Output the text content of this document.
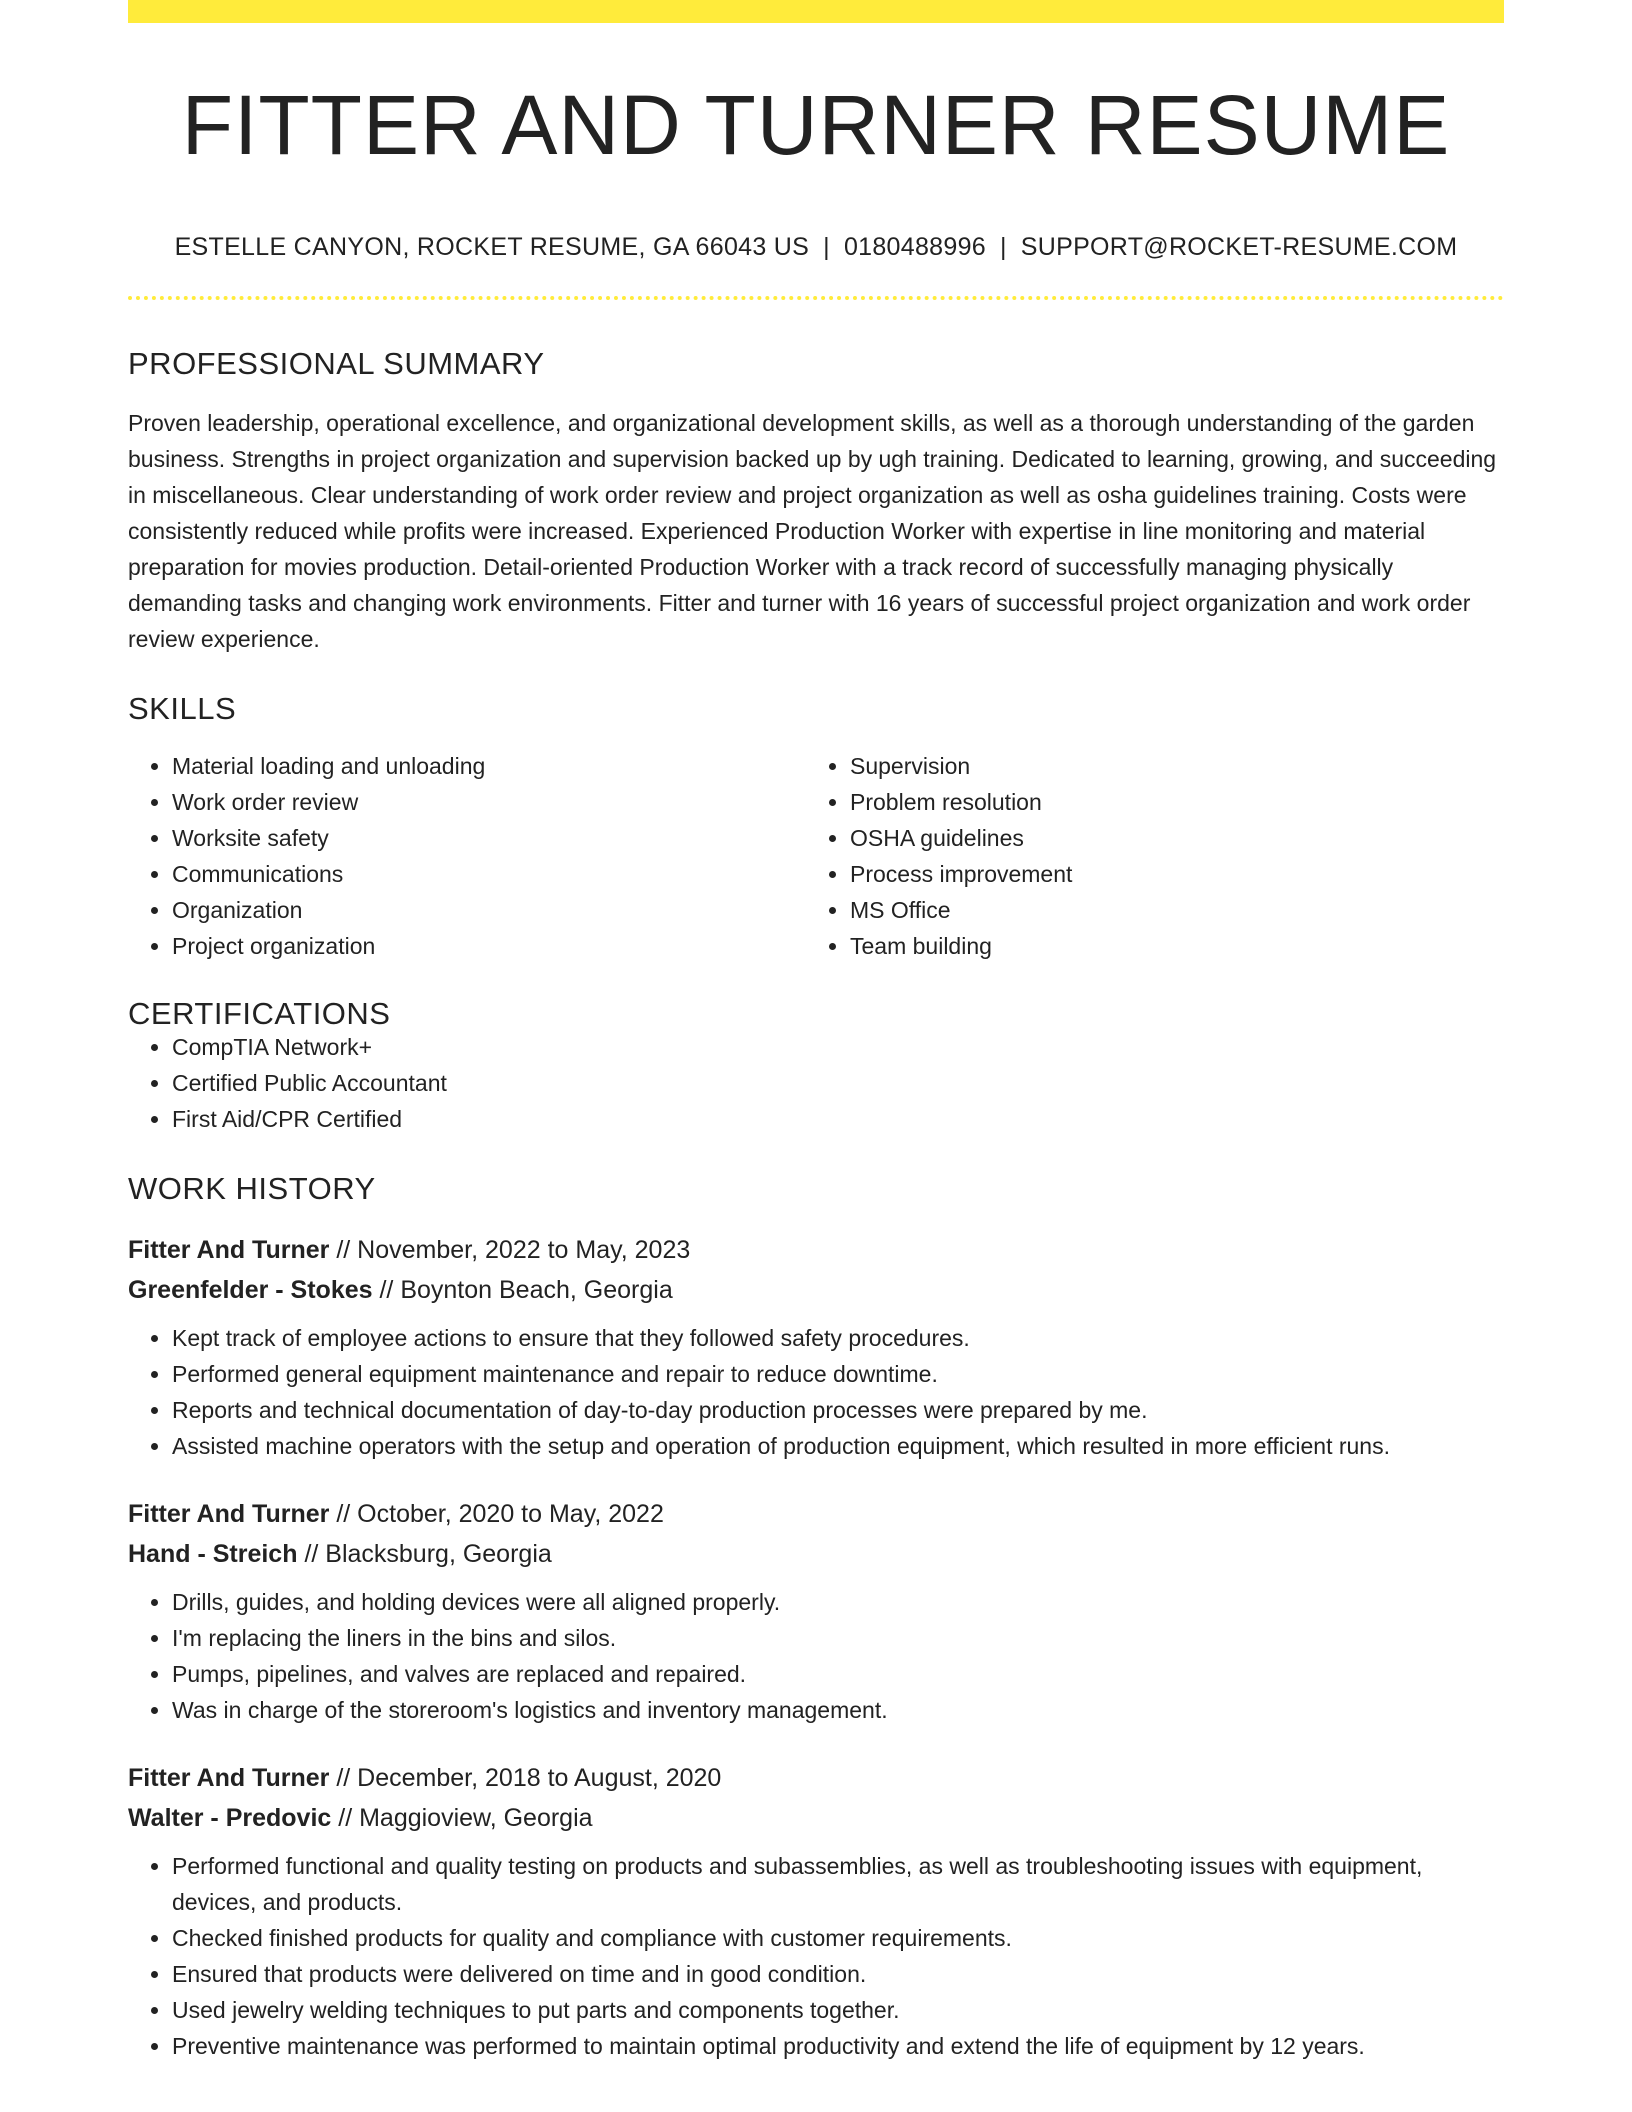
FITTER AND TURNER RESUME
ESTELLE CANYON, ROCKET RESUME, GA 66043 US | 0180488996 | SUPPORT@ROCKET-RESUME.COM
PROFESSIONAL SUMMARY

Proven leadership, operational excellence, and organizational development skills, as well as a thorough understanding of the garden business. Strengths in project organization and supervision backed up by ugh training. Dedicated to learning, growing, and succeeding in miscellaneous. Clear understanding of work order review and project organization as well as osha guidelines training. Costs were consistently reduced while profits were increased. Experienced Production Worker with expertise in line monitoring and material preparation for movies production. Detail-oriented Production Worker with a track record of successfully managing physically demanding tasks and changing work environments. Fitter and turner with 16 years of successful project organization and work order review experience.

SKILLS
• Material loading and unloading
• Work order review
• Worksite safety
• Communications
• Organization
• Project organization
• Supervision
• Problem resolution
• OSHA guidelines
• Process improvement
• MS Office
• Team building
CERTIFICATIONS
• CompTIA Network+
• Certified Public Accountant
• First Aid/CPR Certified
WORK HISTORY
Fitter And Turner // November, 2022 to May, 2023
Greenfelder - Stokes // Boynton Beach, Georgia
• Kept track of employee actions to ensure that they followed safety procedures.
• Performed general equipment maintenance and repair to reduce downtime.
• Reports and technical documentation of day-to-day production processes were prepared by me.
• Assisted machine operators with the setup and operation of production equipment, which resulted in more efficient runs.
Fitter And Turner // October, 2020 to May, 2022
Hand - Streich // Blacksburg, Georgia
• Drills, guides, and holding devices were all aligned properly.
• I'm replacing the liners in the bins and silos.
• Pumps, pipelines, and valves are replaced and repaired.
• Was in charge of the storeroom's logistics and inventory management.
Fitter And Turner // December, 2018 to August, 2020
Walter - Predovic // Maggioview, Georgia
• Performed functional and quality testing on products and subassemblies, as well as troubleshooting issues with equipment, devices, and products.
• Checked finished products for quality and compliance with customer requirements.
• Ensured that products were delivered on time and in good condition.
• Used jewelry welding techniques to put parts and components together.
• Preventive maintenance was performed to maintain optimal productivity and extend the life of equipment by 12 years.
